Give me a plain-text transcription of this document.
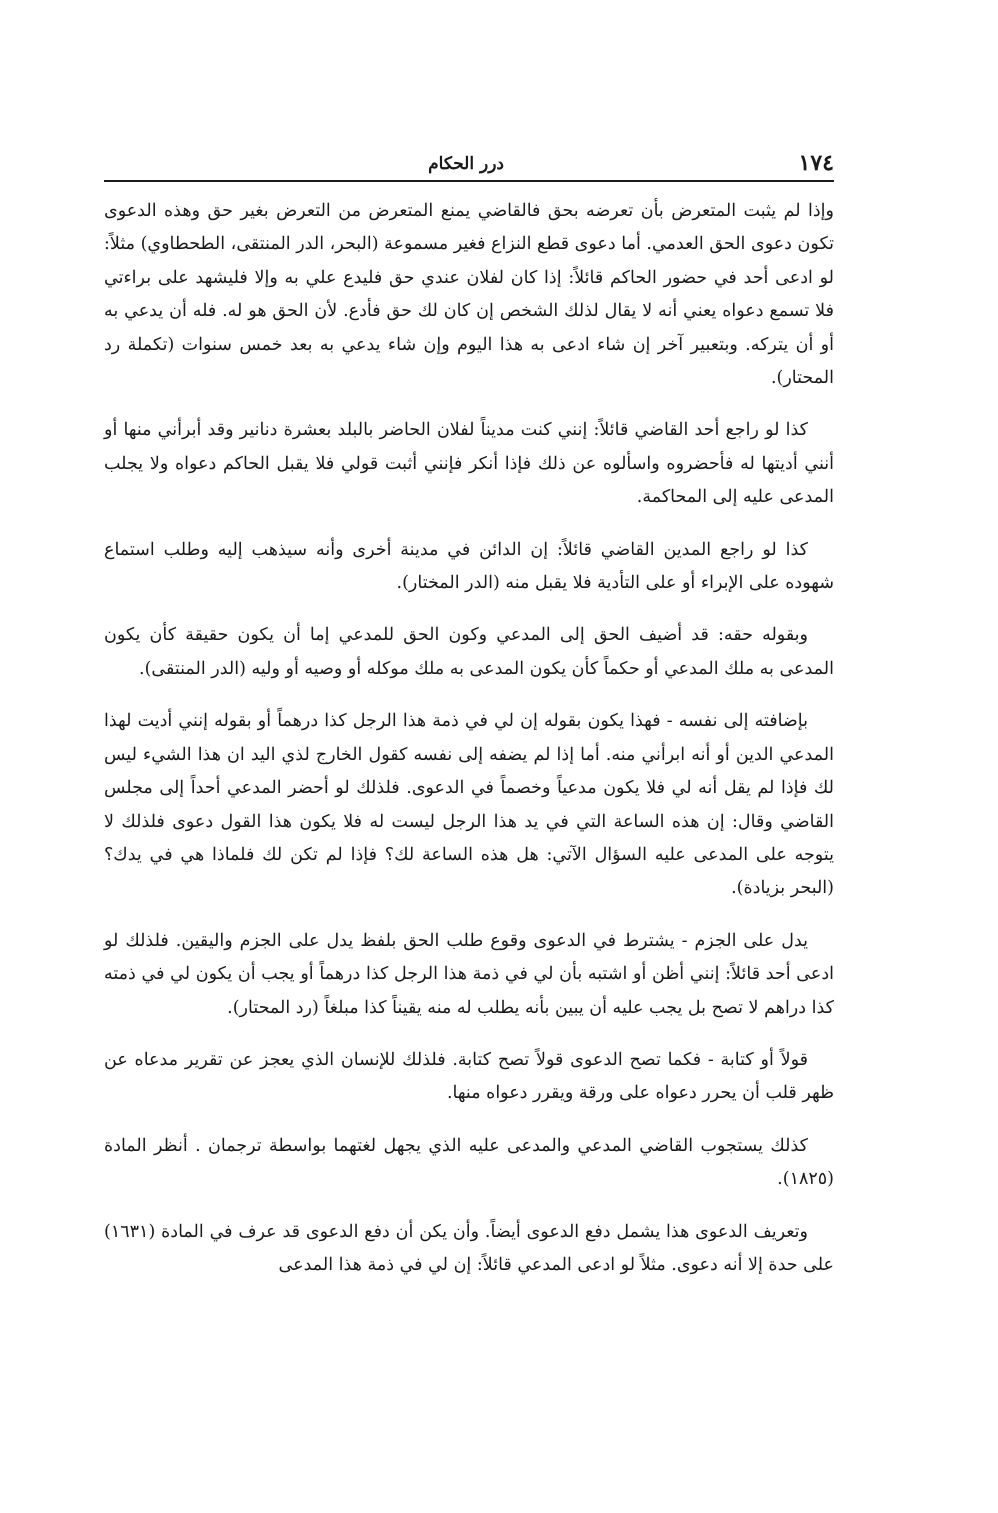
١٧٤
درر الحكام

وإذا لم يثبت المتعرض بأن تعرضه بحق فالقاضي يمنع المتعرض من التعرض بغير حق وهذه الدعوى تكون دعوى الحق العدمي. أما دعوى قطع النزاع فغير مسموعة (البحر، الدر المنتقى، الطحطاوي) مثلاً: لو ادعى أحد في حضور الحاكم قائلاً: إذا كان لفلان عندي حق فليدع علي به وإلا فليشهد على براءتي فلا تسمع دعواه يعني أنه لا يقال لذلك الشخص إن كان لك حق فأدع. لأن الحق هو له. فله أن يدعي به أو أن يتركه. وبتعبير آخر إن شاء ادعى به هذا اليوم وإن شاء يدعي به بعد خمس سنوات (تكملة رد المحتار).

كذا لو راجع أحد القاضي قائلاً: إنني كنت مديناً لفلان الحاضر بالبلد بعشرة دنانير وقد أبرأني منها أو أنني أديتها له فأحضروه واسألوه عن ذلك فإذا أنكر فإنني أثبت قولي فلا يقبل الحاكم دعواه ولا يجلب المدعى عليه إلى المحاكمة.

كذا لو راجع المدين القاضي قائلاً: إن الدائن في مدينة أخرى وأنه سيذهب إليه وطلب استماع شهوده على الإبراء أو على التأدية فلا يقبل منه (الدر المختار).

وبقوله حقه: قد أضيف الحق إلى المدعي وكون الحق للمدعي إما أن يكون حقيقة كأن يكون المدعى به ملك المدعي أو حكماً كأن يكون المدعى به ملك موكله أو وصيه أو وليه (الدر المنتقى).

بإضافته إلى نفسه - فهذا يكون بقوله إن لي في ذمة هذا الرجل كذا درهماً أو بقوله إنني أديت لهذا المدعي الدين أو أنه ابرأني منه. أما إذا لم يضفه إلى نفسه كقول الخارج لذي اليد ان هذا الشيء ليس لك فإذا لم يقل أنه لي فلا يكون مدعياً وخصماً في الدعوى. فلذلك لو أحضر المدعي أحداً إلى مجلس القاضي وقال: إن هذه الساعة التي في يد هذا الرجل ليست له فلا يكون هذا القول دعوى فلذلك لا يتوجه على المدعى عليه السؤال الآتي: هل هذه الساعة لك؟ فإذا لم تكن لك فلماذا هي في يدك؟(البحر بزيادة).

يدل على الجزم - يشترط في الدعوى وقوع طلب الحق بلفظ يدل على الجزم واليقين. فلذلك لو ادعى أحد قائلاً: إنني أظن أو اشتبه بأن لي في ذمة هذا الرجل كذا درهماً أو يجب أن يكون لي في ذمته كذا دراهم لا تصح بل يجب عليه أن يبين بأنه يطلب له منه يقيناً كذا مبلغاً (رد المحتار).

قولاً أو كتابة - فكما تصح الدعوى قولاً تصح كتابة. فلذلك للإنسان الذي يعجز عن تقرير مدعاه عن ظهر قلب أن يحرر دعواه على ورقة ويقرر دعواه منها.

كذلك يستجوب القاضي المدعي والمدعى عليه الذي يجهل لغتهما بواسطة ترجمان . أنظر المادة (١٨٢٥).

وتعريف الدعوى هذا يشمل دفع الدعوى أيضاً. وأن يكن أن دفع الدعوى قد عرف في المادة (١٦٣١) على حدة إلا أنه دعوى. مثلاً لو ادعى المدعي قائلاً: إن لي في ذمة هذا المدعى
